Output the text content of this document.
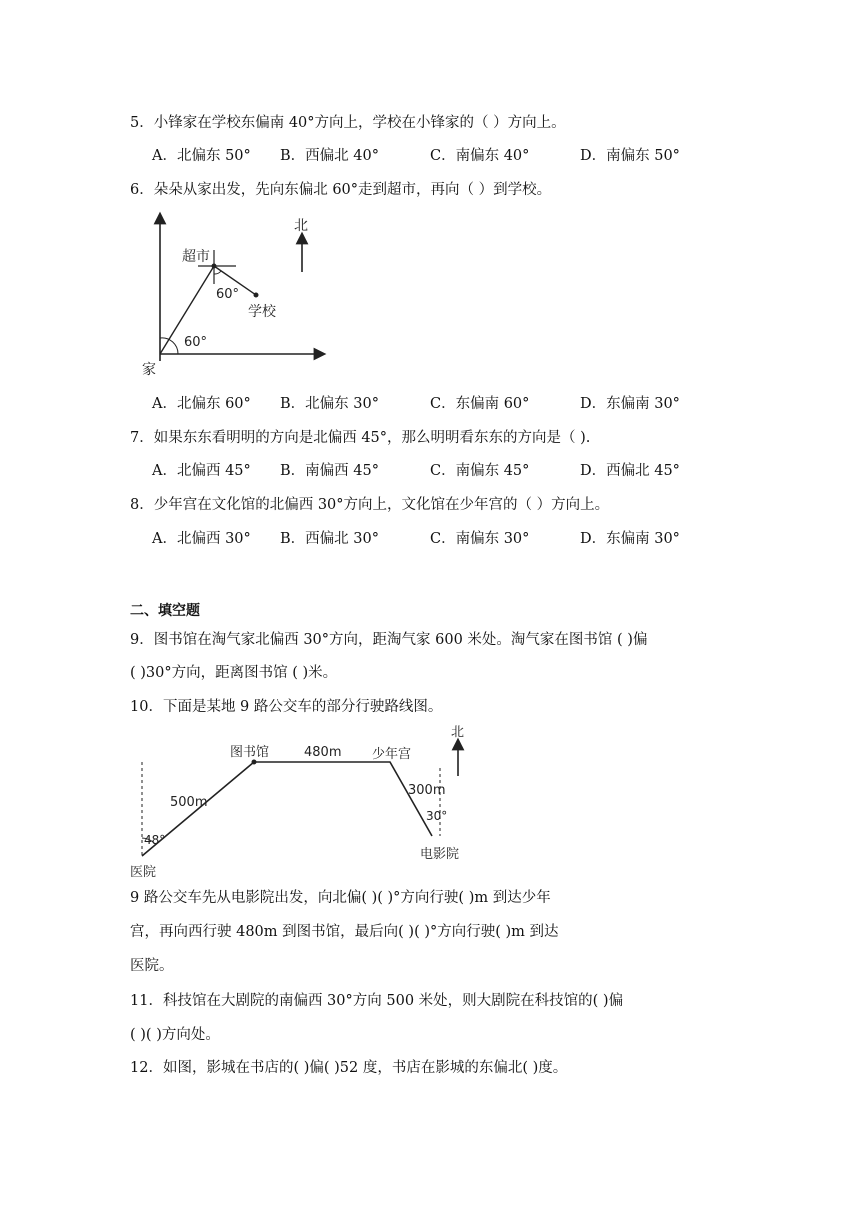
5．小锋家在学校东偏南 40°方向上，学校在小锋家的（ ）方向上。
A．北偏东 50° B．西偏北 40°	C．南偏东 40°	D．南偏东 50°
6．朵朵从家出发，先向东偏北 60°走到超市，再向（ ）到学校。
北
超市
60°
学校
60°
家
A．北偏东 60° B．北偏东 30°	C．东偏南 60°	D．东偏南 30°
7．如果东东看明明的方向是北偏西 45°，那么明明看东东的方向是（ ).
A．北偏西 45° B．南偏西 45°	C．南偏东 45°	D．西偏北 45°
8．少年宫在文化馆的北偏西 30°方向上，文化馆在少年宫的（ ）方向上。
A．北偏西 30° B．西偏北 30°	C．南偏东 30°	D．东偏南 30°
二、填空题
9．图书馆在淘气家北偏西 30°方向，距淘气家 600 米处。淘气家在图书馆 ( )偏
( )30°方向，距离图书馆 ( )米。
10．下面是某地 9 路公交车的部分行驶路线图。
北
图书馆	480m 少年宫
500m
300m
48°
30°
医院
电影院
9 路公交车先从电影院出发，向北偏( )( )°方向行驶( )m 到达少年
宫，再向西行驶 480m 到图书馆，最后向( )( )°方向行驶( )m 到达
医院。
11．科技馆在大剧院的南偏西 30°方向 500 米处，则大剧院在科技馆的( )偏
( )( )方向处。
12．如图，影城在书店的( )偏( )52 度，书店在影城的东偏北( )度。
